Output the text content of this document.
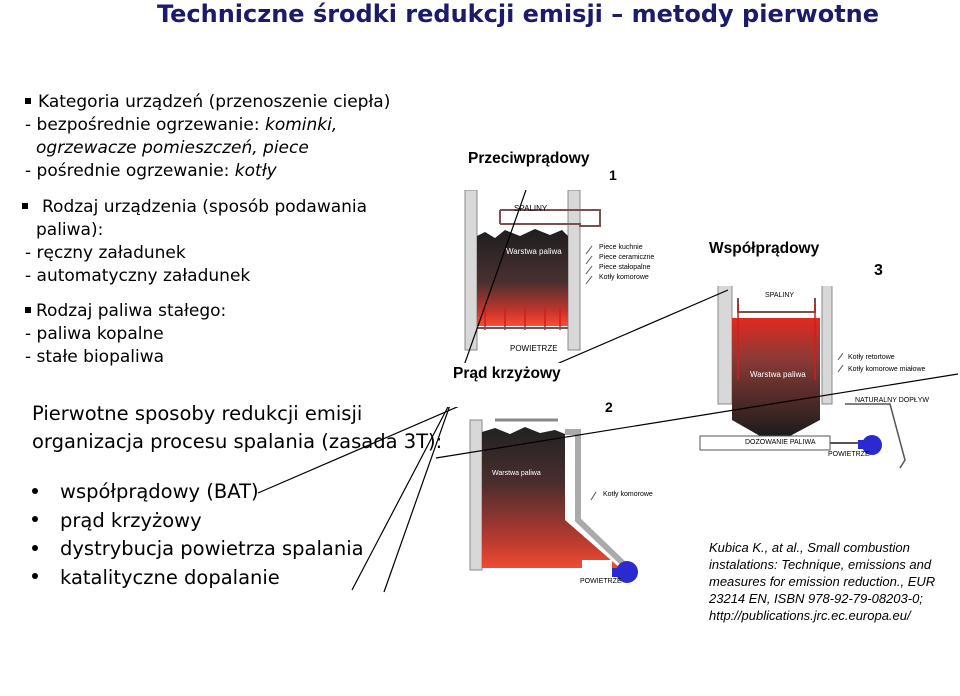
Techniczne środki redukcji emisji – metody pierwotne
Kategoria urządzeń (przenoszenie ciepła)
- bezpośrednie ogrzewanie: kominki,
ogrzewacze pomieszczeń, piece
- pośrednie ogrzewanie: kotły
Rodzaj urządzenia (sposób podawania
paliwa):
- ręczny załadunek
- automatyczny załadunek
Rodzaj paliwa stałego:
- paliwa kopalne
- stałe biopaliwa
Pierwotne sposoby redukcji emisji
organizacja procesu spalania (zasada 3T):
współprądowy (BAT)
prąd krzyżowy
dystrybucja powietrza spalania
katalityczne dopalanie
Przeciwprądowy
1
SPALINY
Warstwa paliwa
POWIETRZE
Piece kuchnie
Piece ceramiczne
Piece stałopalne
Kotły komorowe
Prąd krzyżowy
2
Warstwa paliwa
POWIETRZE
Kotły komorowe
Współprądowy
3
SPALINY
Warstwa paliwa
NATURALNY DOPŁYW
DOZOWANIE PALIWA
POWIETRZE
Kotły retortowe
Kotły komorowe miałowe
Kubica K., at al., Small combustion
instalations: Technique, emissions and
measures for emission reduction., EUR
23214 EN, ISBN 978-92-79-08203-0;
http://publications.jrc.ec.europa.eu/
